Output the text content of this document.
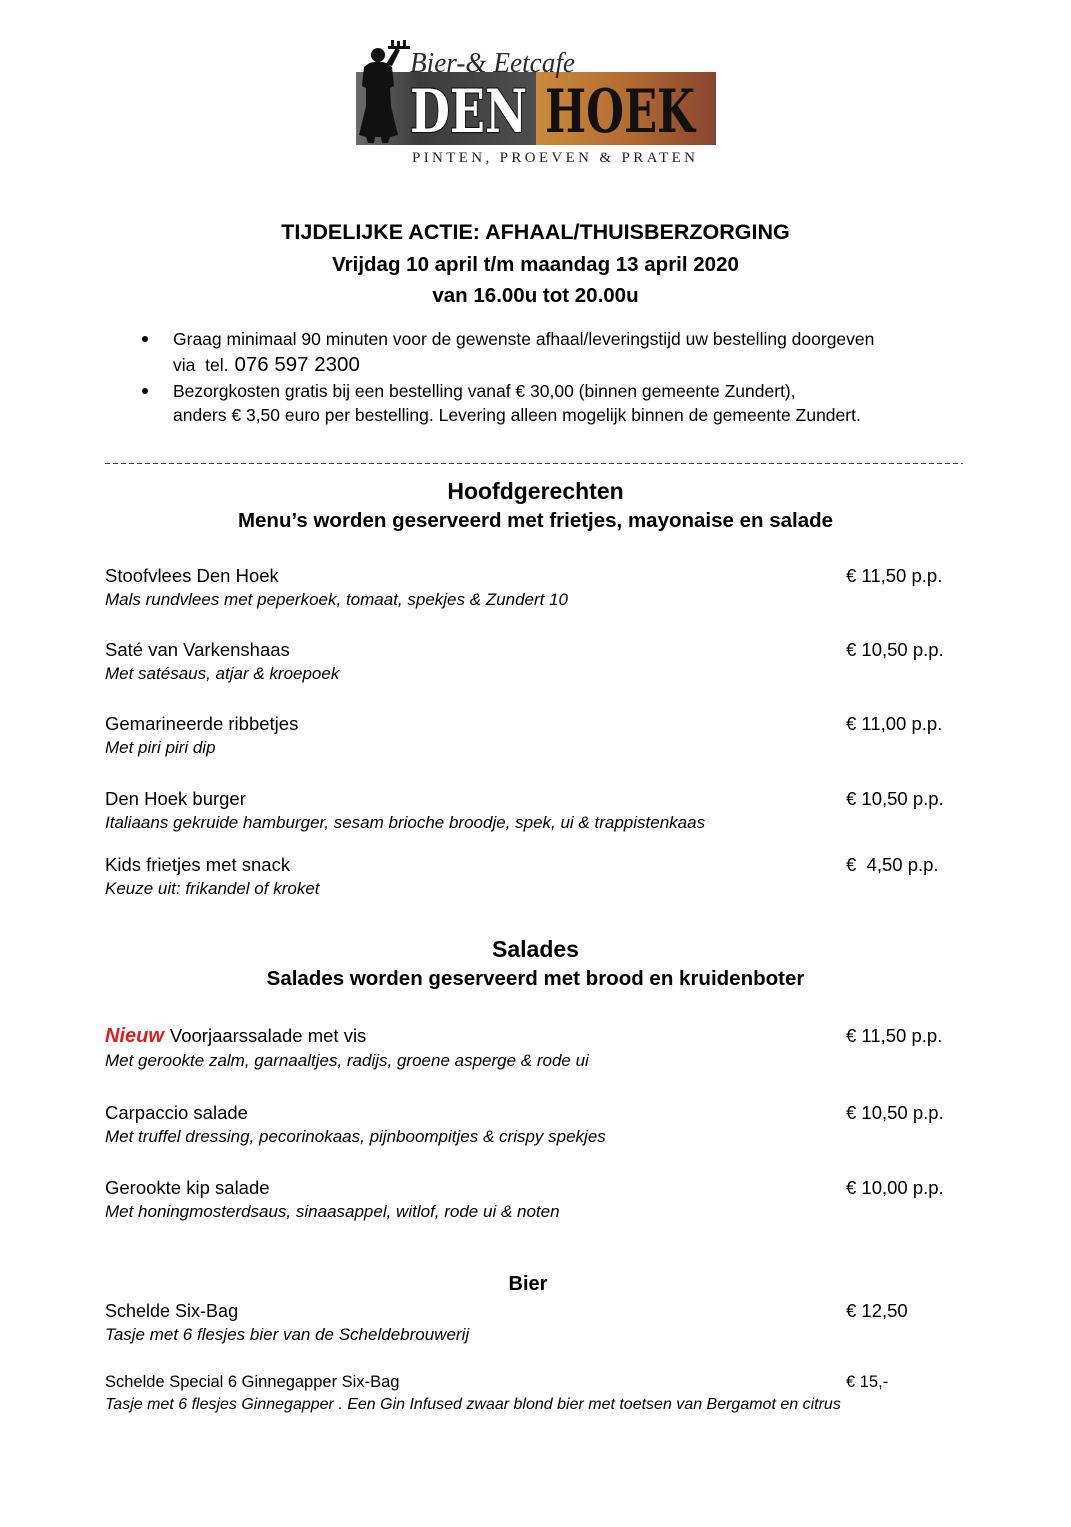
Bier-& Eetcafe
DEN HOEK
PINTEN, PROEVEN & PRATEN
TIJDELIJKE ACTIE: AFHAAL/THUISBERZORGING
Vrijdag 10 april t/m maandag 13 april 2020
van 16.00u tot 20.00u
Graag minimaal 90 minuten voor de gewenste afhaal/leveringstijd uw bestelling doorgeven
via  tel. 076 597 2300
Bezorgkosten gratis bij een bestelling vanaf € 30,00 (binnen gemeente Zundert),
anders € 3,50 euro per bestelling. Levering alleen mogelijk binnen de gemeente Zundert.
Hoofdgerechten
Menu’s worden geserveerd met frietjes, mayonaise en salade
Stoofvlees Den Hoek	€ 11,50 p.p.
Mals rundvlees met peperkoek, tomaat, spekjes & Zundert 10
Saté van Varkenshaas	€ 10,50 p.p.
Met satésaus, atjar & kroepoek
Gemarineerde ribbetjes	€ 11,00 p.p.
Met piri piri dip
Den Hoek burger	€ 10,50 p.p.
Italiaans gekruide hamburger, sesam brioche broodje, spek, ui & trappistenkaas
Kids frietjes met snack	€  4,50 p.p.
Keuze uit: frikandel of kroket
Salades
Salades worden geserveerd met brood en kruidenboter
Nieuw Voorjaarssalade met vis	€ 11,50 p.p.
Met gerookte zalm, garnaaltjes, radijs, groene asperge & rode ui
Carpaccio salade	€ 10,50 p.p.
Met truffel dressing, pecorinokaas, pijnboompitjes & crispy spekjes
Gerookte kip salade	€ 10,00 p.p.
Met honingmosterdsaus, sinaasappel, witlof, rode ui & noten
Bier
Schelde Six-Bag	€ 12,50
Tasje met 6 flesjes bier van de Scheldebrouwerij
Schelde Special 6 Ginnegapper Six-Bag	€ 15,-
Tasje met 6 flesjes Ginnegapper . Een Gin Infused zwaar blond bier met toetsen van Bergamot en citrus
